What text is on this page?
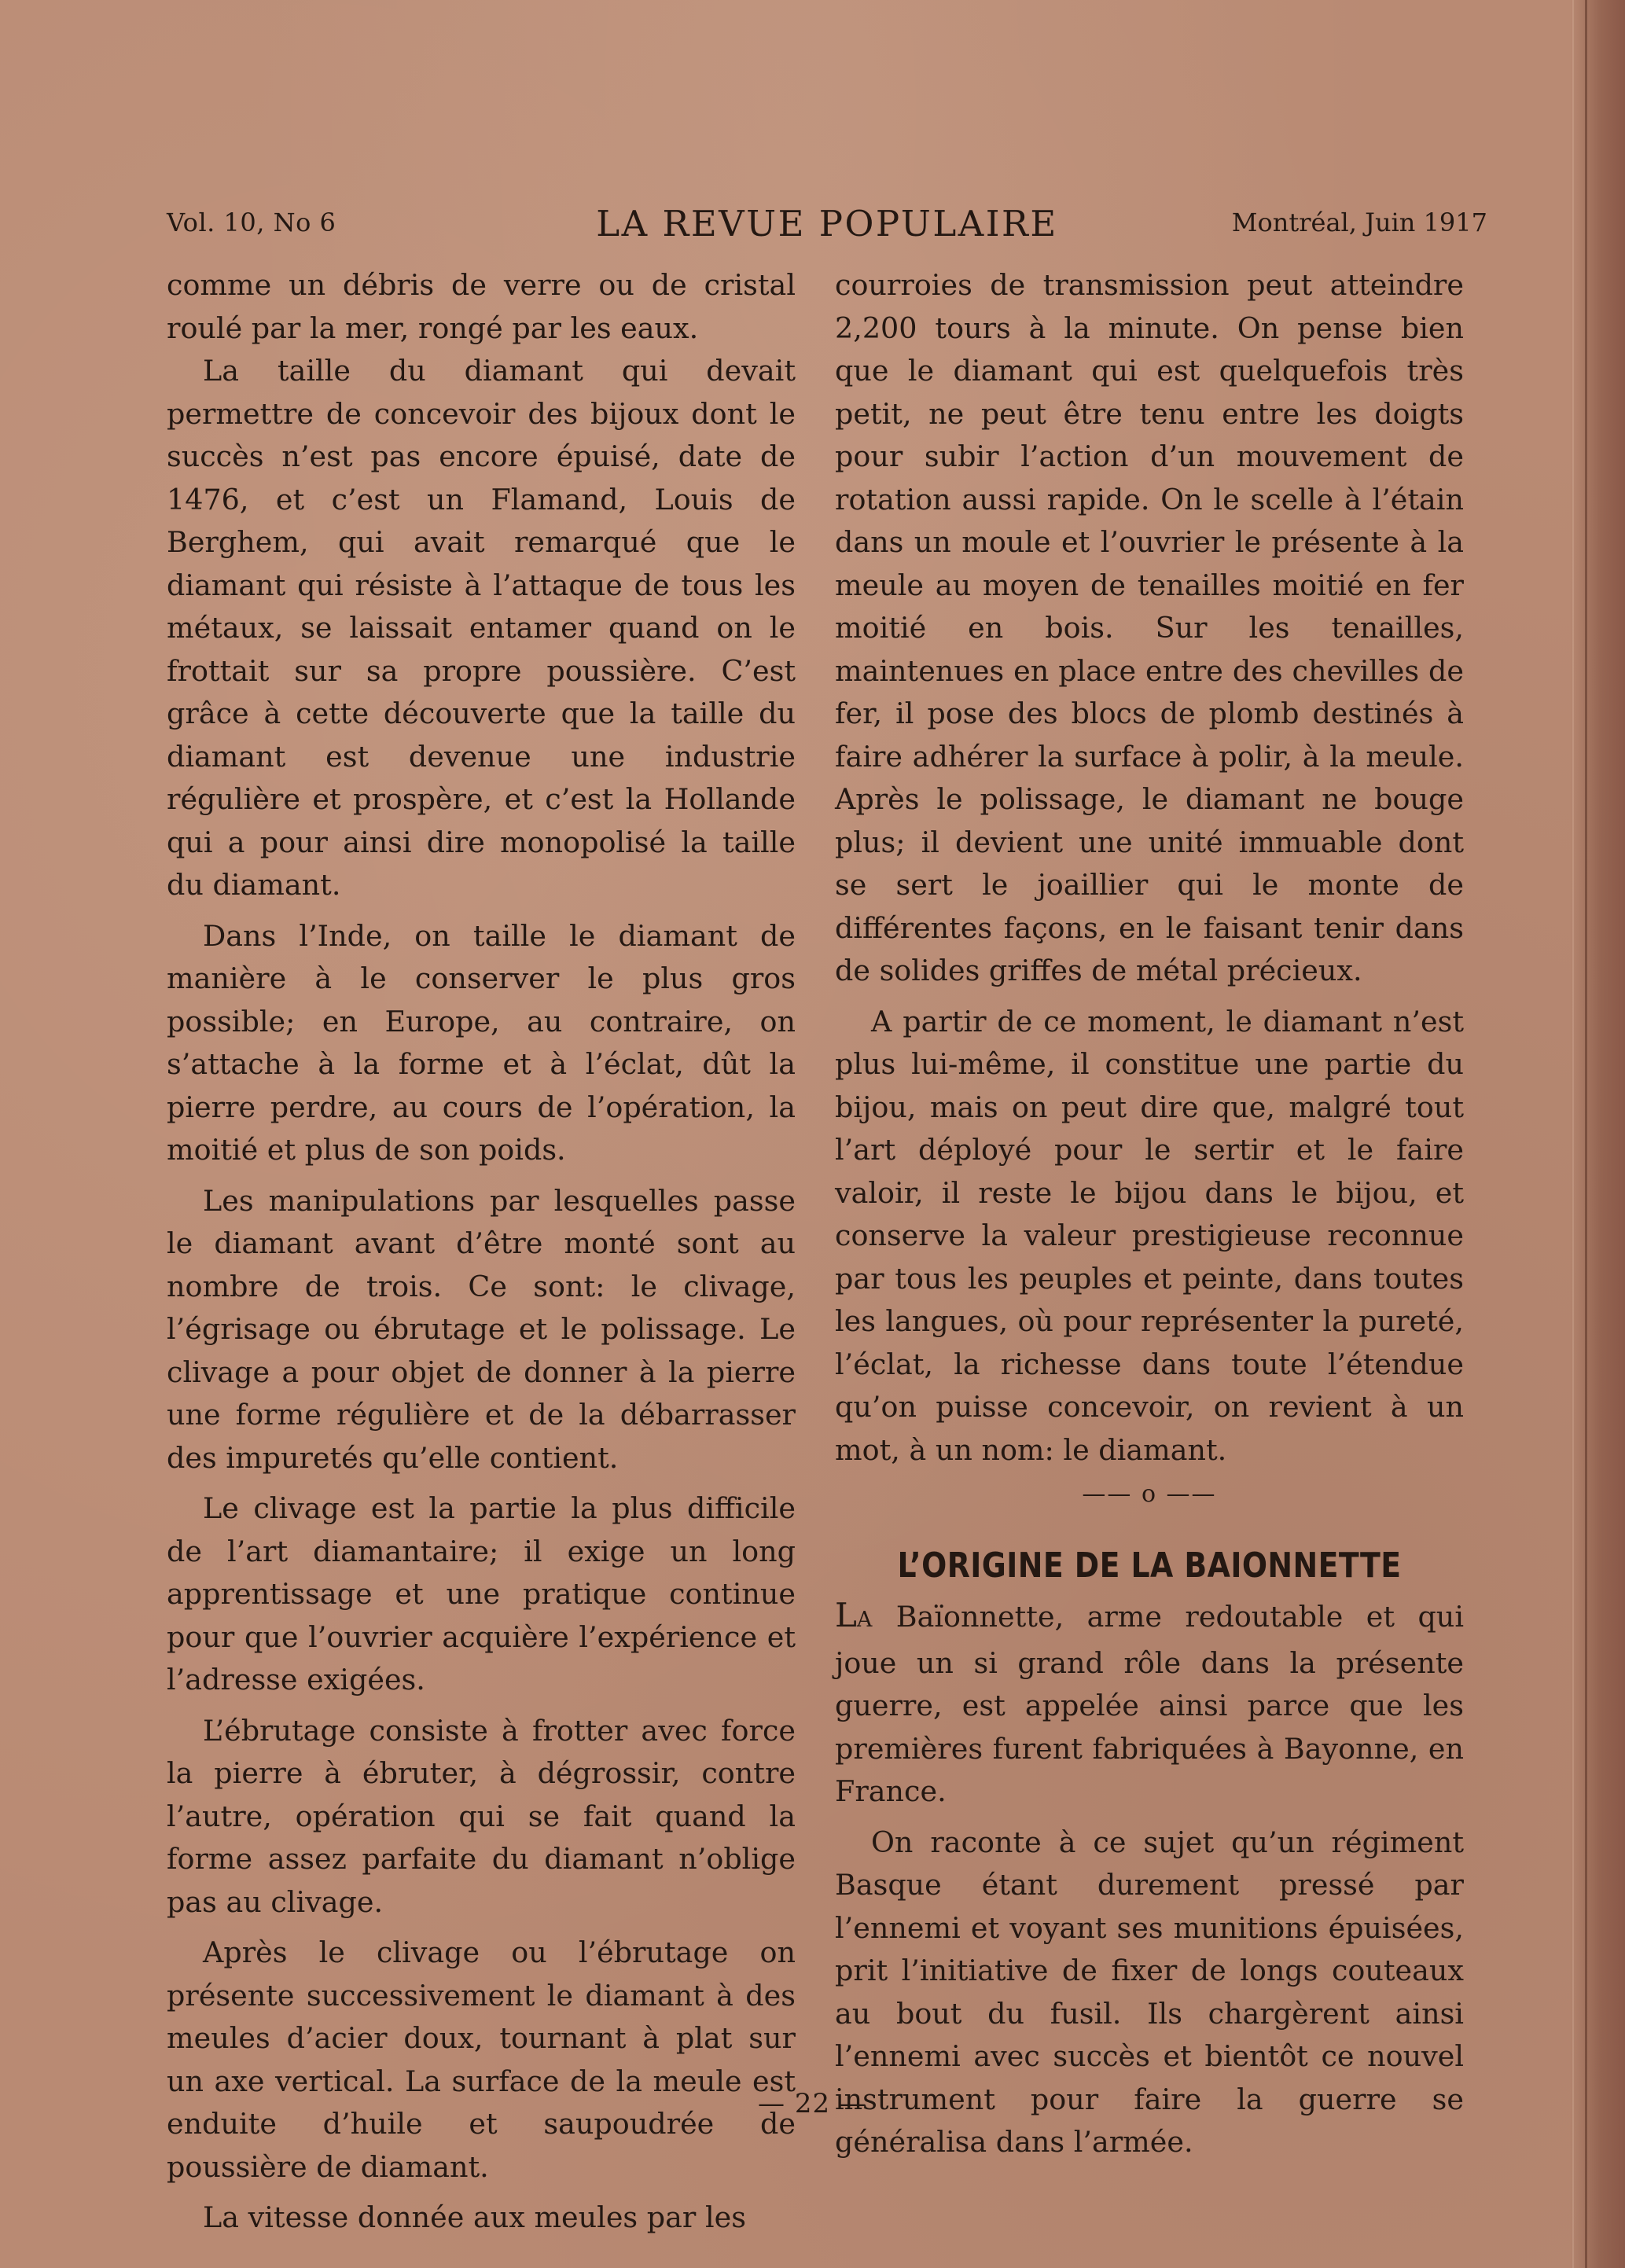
Vol. 10, No 6	LA REVUE POPULAIRE	Montréal, Juin 1917

comme un débris de verre ou de cristal roulé par la mer, rongé par les eaux.

La taille du diamant qui devait permettre de concevoir des bijoux dont le succès n’est pas encore épuisé, date de 1476, et c’est un Flamand, Louis de Berghem, qui avait remarqué que le diamant qui résiste à l’attaque de tous les métaux, se laissait entamer quand on le frottait sur sa propre poussière. C’est grâce à cette découverte que la taille du diamant est devenue une industrie régulière et prospère, et c’est la Hollande qui a pour ainsi dire monopolisé la taille du diamant.

Dans l’Inde, on taille le diamant de manière à le conserver le plus gros possible; en Europe, au contraire, on s’attache à la forme et à l’éclat, dût la pierre perdre, au cours de l’opération, la moitié et plus de son poids.

Les manipulations par lesquelles passe le diamant avant d’être monté sont au nombre de trois. Ce sont: le clivage, l’égrisage ou ébrutage et le polissage. Le clivage a pour objet de donner à la pierre une forme régulière et de la débarrasser des impuretés qu’elle contient.

Le clivage est la partie la plus difficile de l’art diamantaire; il exige un long apprentissage et une pratique continue pour que l’ouvrier acquière l’expérience et l’adresse exigées.

L’ébrutage consiste à frotter avec force la pierre à ébruter, à dégrossir, contre l’autre, opération qui se fait quand la forme assez parfaite du diamant n’oblige pas au clivage.

Après le clivage ou l’ébrutage on présente successivement le diamant à des meules d’acier doux, tournant à plat sur un axe vertical. La surface de la meule est enduite d’huile et saupoudrée de poussière de diamant.

La vitesse donnée aux meules par les

courroies de transmission peut atteindre 2,200 tours à la minute. On pense bien que le diamant qui est quelquefois très petit, ne peut être tenu entre les doigts pour subir l’action d’un mouvement de rotation aussi rapide. On le scelle à l’étain dans un moule et l’ouvrier le présente à la meule au moyen de tenailles moitié en fer moitié en bois. Sur les tenailles, maintenues en place entre des chevilles de fer, il pose des blocs de plomb destinés à faire adhérer la surface à polir, à la meule. Après le polissage, le diamant ne bouge plus; il devient une unité immuable dont se sert le joaillier qui le monte de différentes façons, en le faisant tenir dans de solides griffes de métal précieux.

A partir de ce moment, le diamant n’est plus lui-même, il constitue une partie du bijou, mais on peut dire que, malgré tout l’art déployé pour le sertir et le faire valoir, il reste le bijou dans le bijou, et conserve la valeur prestigieuse reconnue par tous les peuples et peinte, dans toutes les langues, où pour représenter la pureté, l’éclat, la richesse dans toute l’étendue qu’on puisse concevoir, on revient à un mot, à un nom: le diamant.

—— o ——
L’ORIGINE DE LA BAIONNETTE

LA Baïonnette, arme redoutable et qui joue un si grand rôle dans la présente guerre, est appelée ainsi parce que les premières furent fabriquées à Bayonne, en France.

On raconte à ce sujet qu’un régiment Basque étant durement pressé par l’ennemi et voyant ses munitions épuisées, prit l’initiative de fixer de longs couteaux au bout du fusil. Ils chargèrent ainsi l’ennemi avec succès et bientôt ce nouvel instrument pour faire la guerre se généralisa dans l’armée.

— 22 —
